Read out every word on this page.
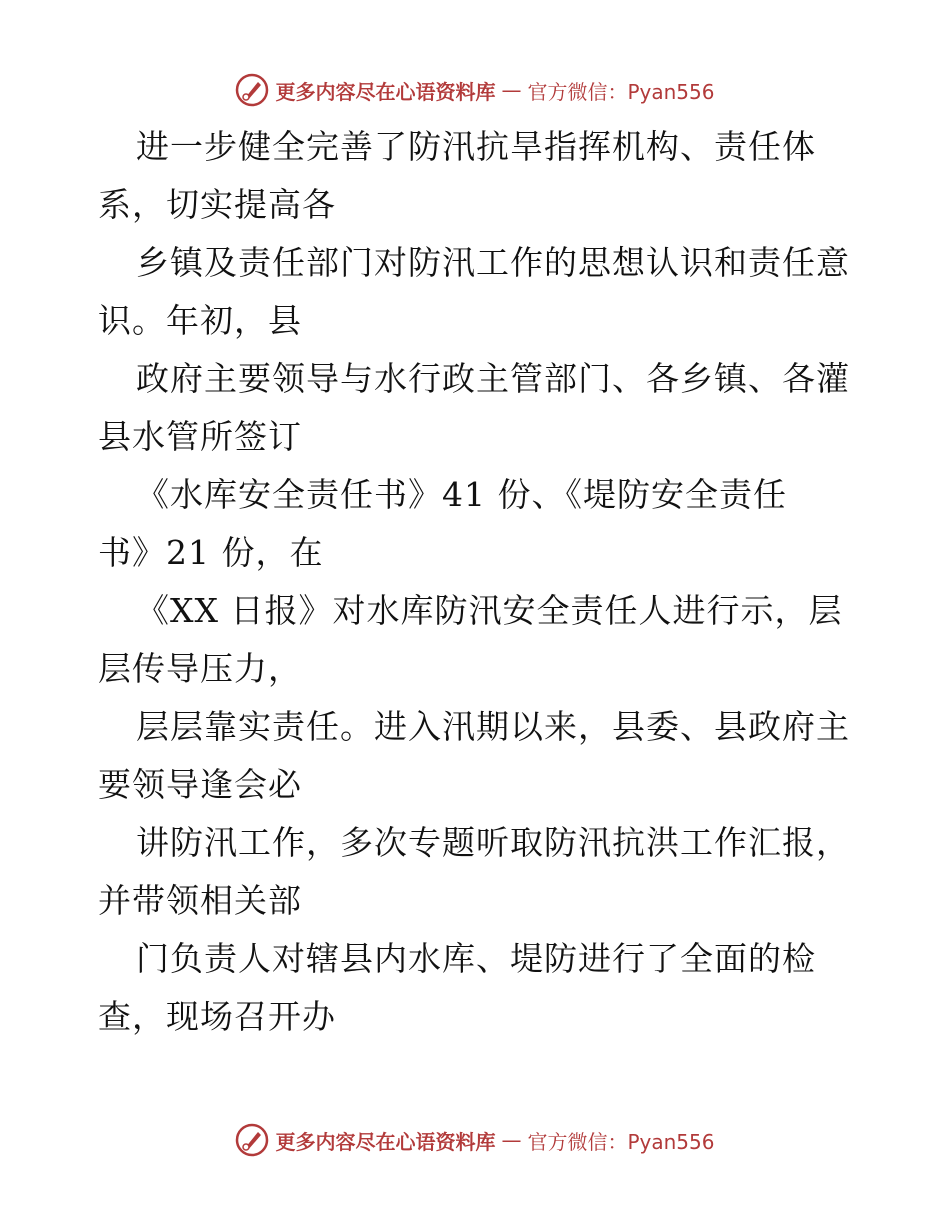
更多内容尽在心语资料库 — 官方微信：Pyan556

进一步健全完善了防汛抗旱指挥机构、责任体
系，切实提高各

乡镇及责任部门对防汛工作的思想认识和责任意
识。年初，县

政府主要领导与水行政主管部门、各乡镇、各灌
县水管所签订

《水库安全责任书》41 份、《堤防安全责任
书》21 份，在

《XX 日报》对水库防汛安全责任人进行示，层
层传导压力，

层层靠实责任。进入汛期以来，县委、县政府主
要领导逢会必

讲防汛工作，多次专题听取防汛抗洪工作汇报，
并带领相关部

门负责人对辖县内水库、堤防进行了全面的检
查，现场召开办

更多内容尽在心语资料库 — 官方微信：Pyan556
